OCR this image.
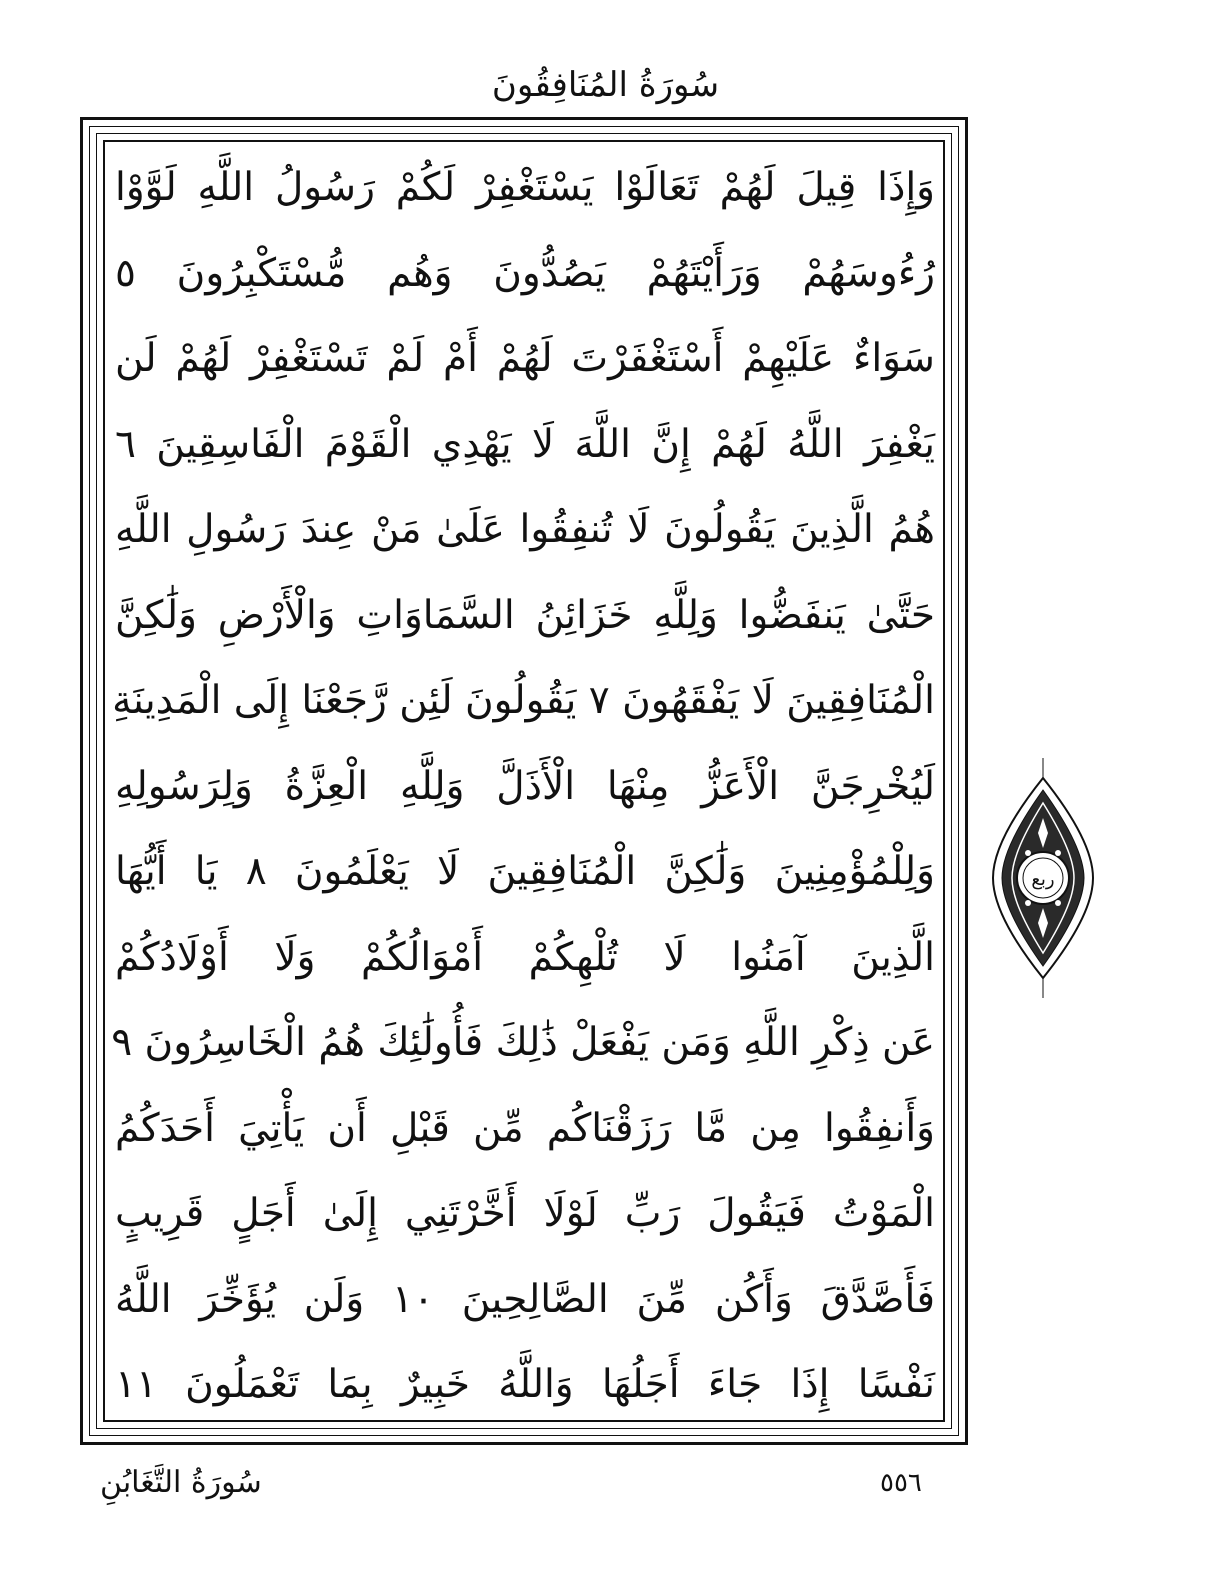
سُورَةُ المُنَافِقُونَ
وَإِذَا قِيلَ لَهُمْ تَعَالَوْا يَسْتَغْفِرْ لَكُمْ رَسُولُ اللَّهِ لَوَّوْا
رُءُوسَهُمْ وَرَأَيْتَهُمْ يَصُدُّونَ وَهُم مُّسْتَكْبِرُونَ ٥
سَوَاءٌ عَلَيْهِمْ أَسْتَغْفَرْتَ لَهُمْ أَمْ لَمْ تَسْتَغْفِرْ لَهُمْ لَن
يَغْفِرَ اللَّهُ لَهُمْ إِنَّ اللَّهَ لَا يَهْدِي الْقَوْمَ الْفَاسِقِينَ ٦
هُمُ الَّذِينَ يَقُولُونَ لَا تُنفِقُوا عَلَىٰ مَنْ عِندَ رَسُولِ اللَّهِ
حَتَّىٰ يَنفَضُّوا وَلِلَّهِ خَزَائِنُ السَّمَاوَاتِ وَالْأَرْضِ وَلَٰكِنَّ
الْمُنَافِقِينَ لَا يَفْقَهُونَ ٧ يَقُولُونَ لَئِن رَّجَعْنَا إِلَى الْمَدِينَةِ
لَيُخْرِجَنَّ الْأَعَزُّ مِنْهَا الْأَذَلَّ وَلِلَّهِ الْعِزَّةُ وَلِرَسُولِهِ
وَلِلْمُؤْمِنِينَ وَلَٰكِنَّ الْمُنَافِقِينَ لَا يَعْلَمُونَ ٨ يَا أَيُّهَا
الَّذِينَ آمَنُوا لَا تُلْهِكُمْ أَمْوَالُكُمْ وَلَا أَوْلَادُكُمْ
عَن ذِكْرِ اللَّهِ وَمَن يَفْعَلْ ذَٰلِكَ فَأُولَٰئِكَ هُمُ الْخَاسِرُونَ ٩
وَأَنفِقُوا مِن مَّا رَزَقْنَاكُم مِّن قَبْلِ أَن يَأْتِيَ أَحَدَكُمُ
الْمَوْتُ فَيَقُولَ رَبِّ لَوْلَا أَخَّرْتَنِي إِلَىٰ أَجَلٍ قَرِيبٍ
فَأَصَّدَّقَ وَأَكُن مِّنَ الصَّالِحِينَ ١٠ وَلَن يُؤَخِّرَ اللَّهُ
نَفْسًا إِذَا جَاءَ أَجَلُهَا وَاللَّهُ خَبِيرٌ بِمَا تَعْمَلُونَ ١١
ربع
سُورَةُ التَّغَابُنِ	٥٥٦
